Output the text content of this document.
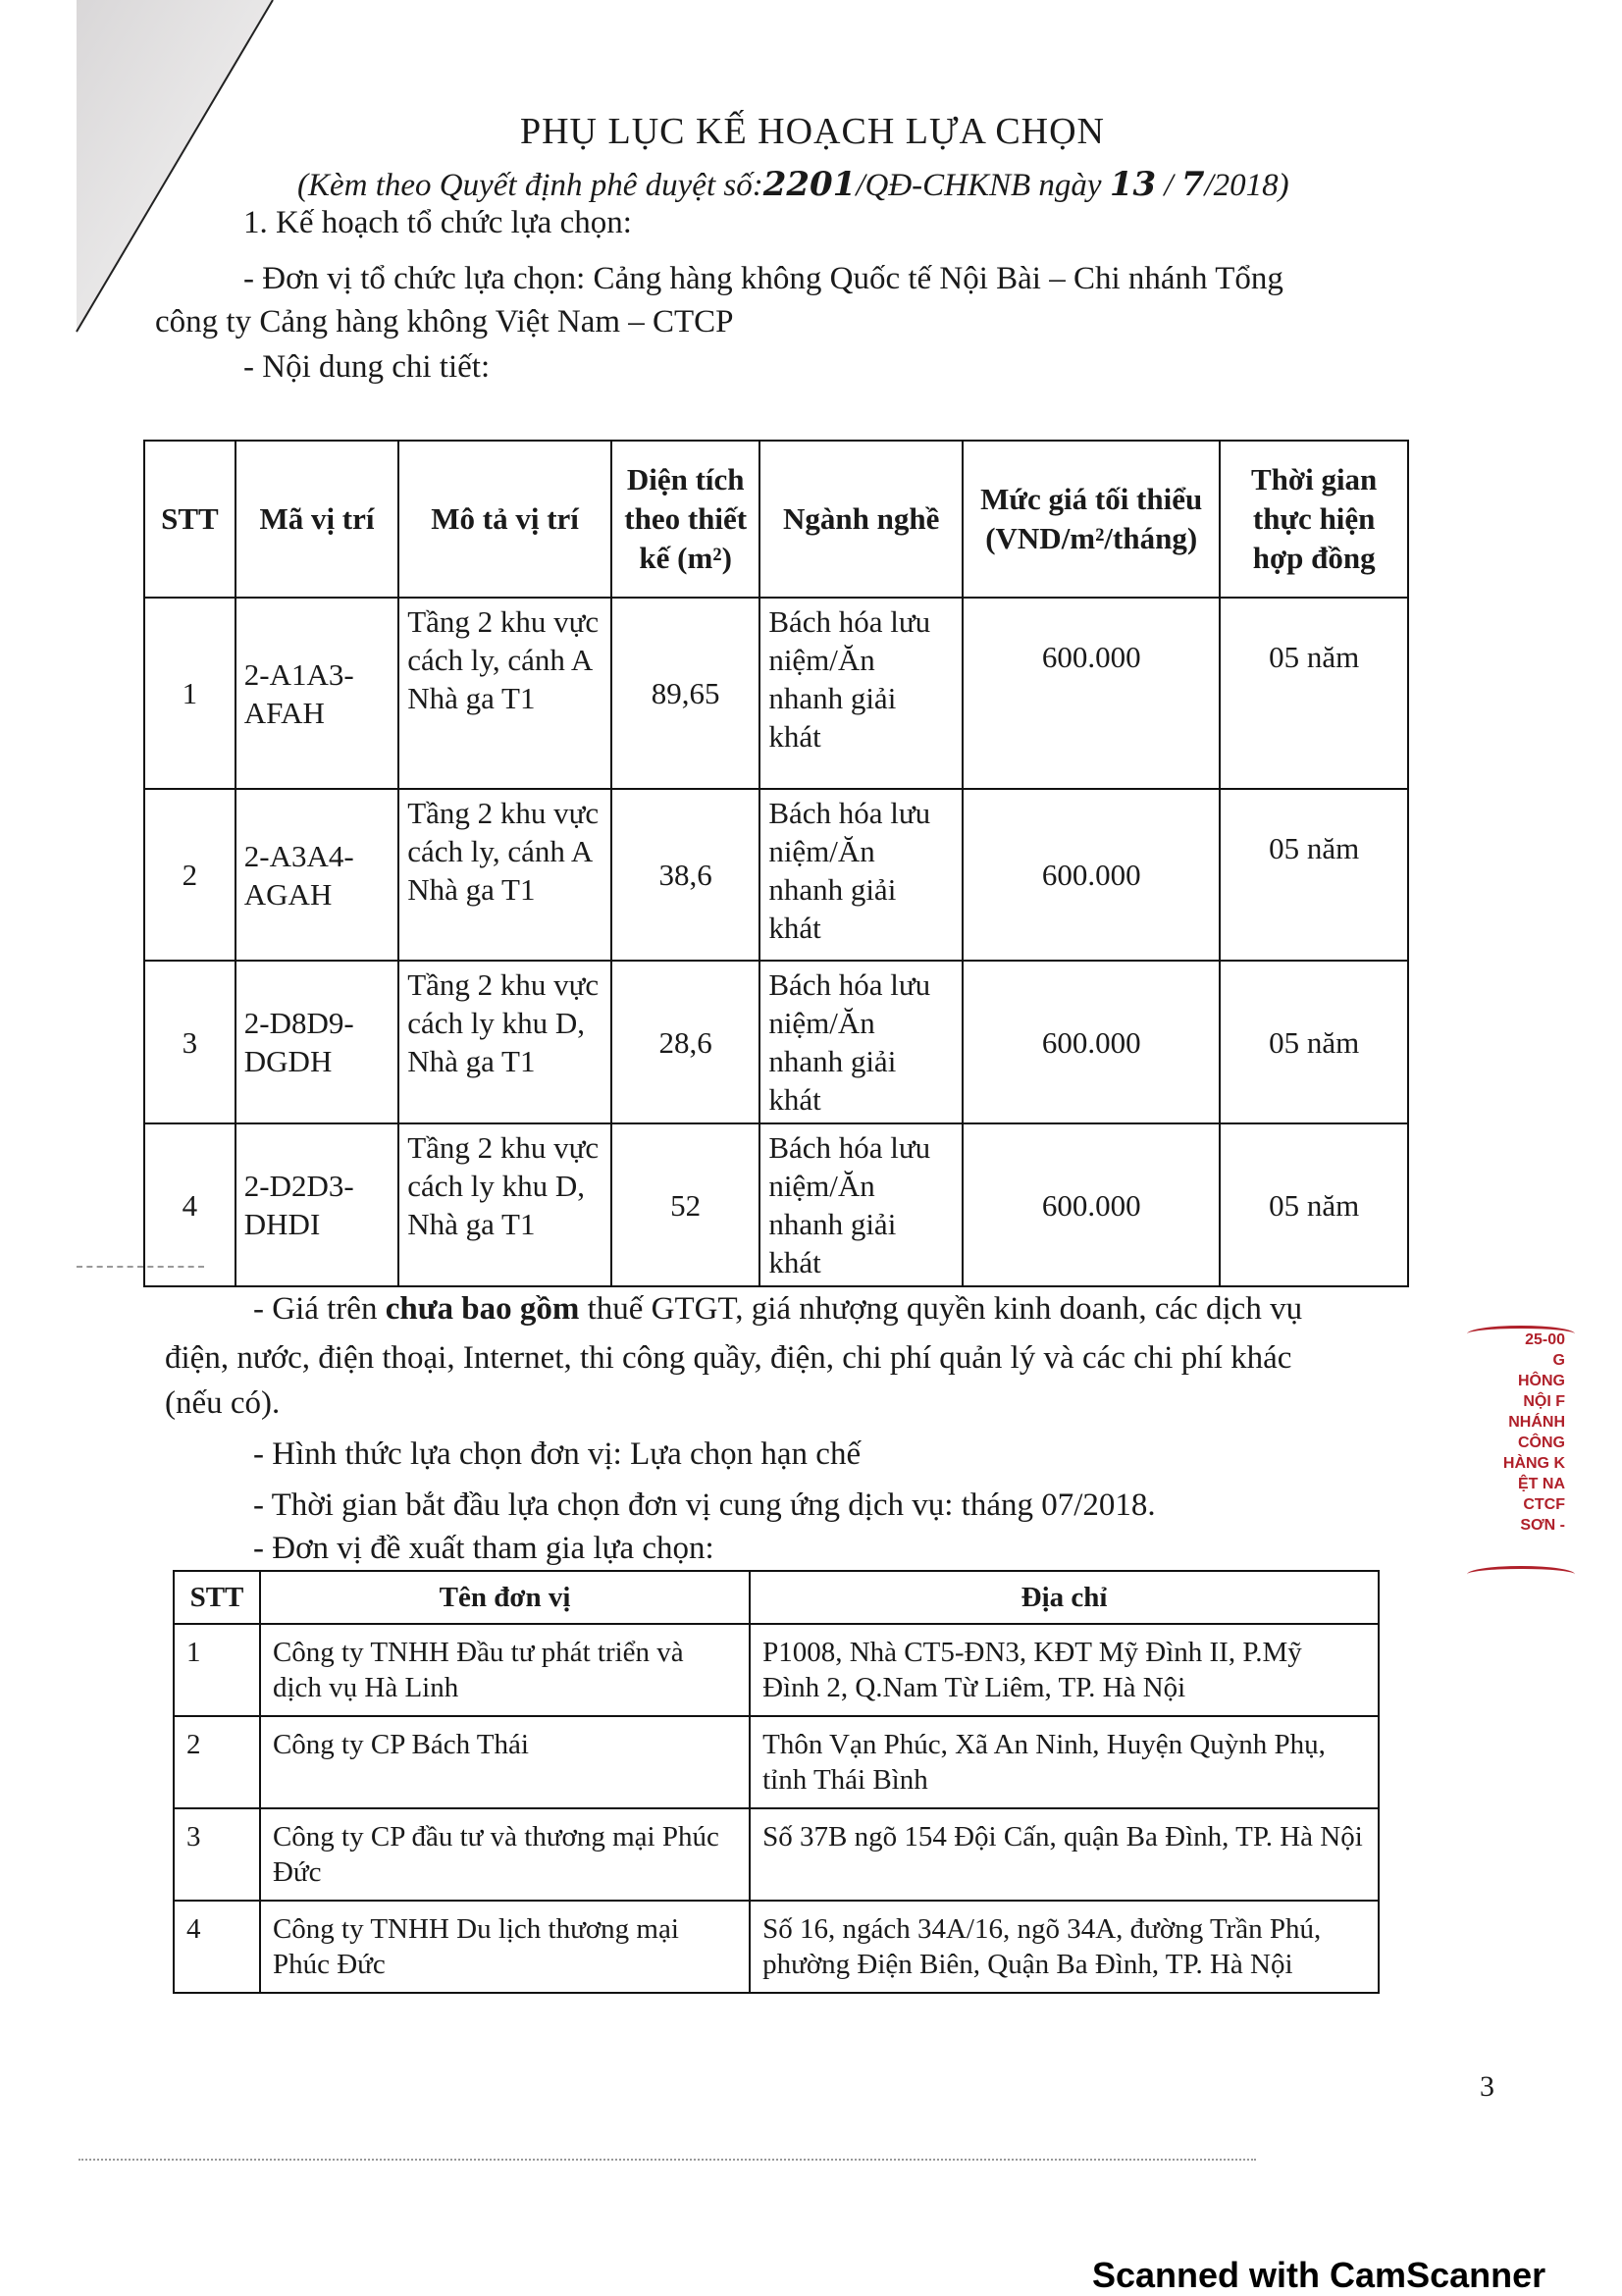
PHỤ LỤC KẾ HOẠCH LỰA CHỌN
(Kèm theo Quyết định phê duyệt số:2201/QĐ-CHKNB ngày 13 / 7/2018)
1. Kế hoạch tổ chức lựa chọn:
- Đơn vị tổ chức lựa chọn: Cảng hàng không Quốc tế Nội Bài – Chi nhánh Tổng
công ty Cảng hàng không Việt Nam – CTCP
- Nội dung chi tiết:
STT	Mã vị trí	Mô tả vị trí	Diện tích theo thiết kế (m²)	Ngành nghề	Mức giá tối thiểu (VND/m²/tháng)	Thời gian thực hiện hợp đồng
1	2-A1A3-AFAH	Tầng 2 khu vực cách ly, cánh A Nhà ga T1	89,65	Bách hóa lưu niệm/Ăn nhanh giải khát	600.000	05 năm
2	2-A3A4-AGAH	Tầng 2 khu vực cách ly, cánh A Nhà ga T1	38,6	Bách hóa lưu niệm/Ăn nhanh giải khát	600.000	05 năm
3	2-D8D9-DGDH	Tầng 2 khu vực cách ly khu D, Nhà ga T1	28,6	Bách hóa lưu niệm/Ăn nhanh giải khát	600.000	05 năm
4	2-D2D3-DHDI	Tầng 2 khu vực cách ly khu D, Nhà ga T1	52	Bách hóa lưu niệm/Ăn nhanh giải khát	600.000	05 năm
- Giá trên chưa bao gồm thuế GTGT, giá nhượng quyền kinh doanh, các dịch vụ
điện, nước, điện thoại, Internet, thi công quầy, điện, chi phí quản lý và các chi phí khác
(nếu có).
- Hình thức lựa chọn đơn vị: Lựa chọn hạn chế
- Thời gian bắt đầu lựa chọn đơn vị cung ứng dịch vụ: tháng 07/2018.
- Đơn vị đề xuất tham gia lựa chọn:
STT	Tên đơn vị	Địa chỉ
1	Công ty TNHH Đầu tư phát triển và dịch vụ Hà Linh	P1008, Nhà CT5-ĐN3, KĐT Mỹ Đình II, P.Mỹ Đình 2, Q.Nam Từ Liêm, TP. Hà Nội
2	Công ty CP Bách Thái	Thôn Vạn Phúc, Xã An Ninh, Huyện Quỳnh Phụ, tỉnh Thái Bình
3	Công ty CP đầu tư và thương mại Phúc Đức	Số 37B ngõ 154 Đội Cấn, quận Ba Đình, TP. Hà Nội
4	Công ty TNHH Du lịch thương mại Phúc Đức	Số 16, ngách 34A/16, ngõ 34A, đường Trần Phú, phường Điện Biên, Quận Ba Đình, TP. Hà Nội
3
25-00
G
HÔNG
NỘI F
NHÁNH
CÔNG
HÀNG K
ỆT NA
CTCF
SƠN -
Scanned with CamScanner
